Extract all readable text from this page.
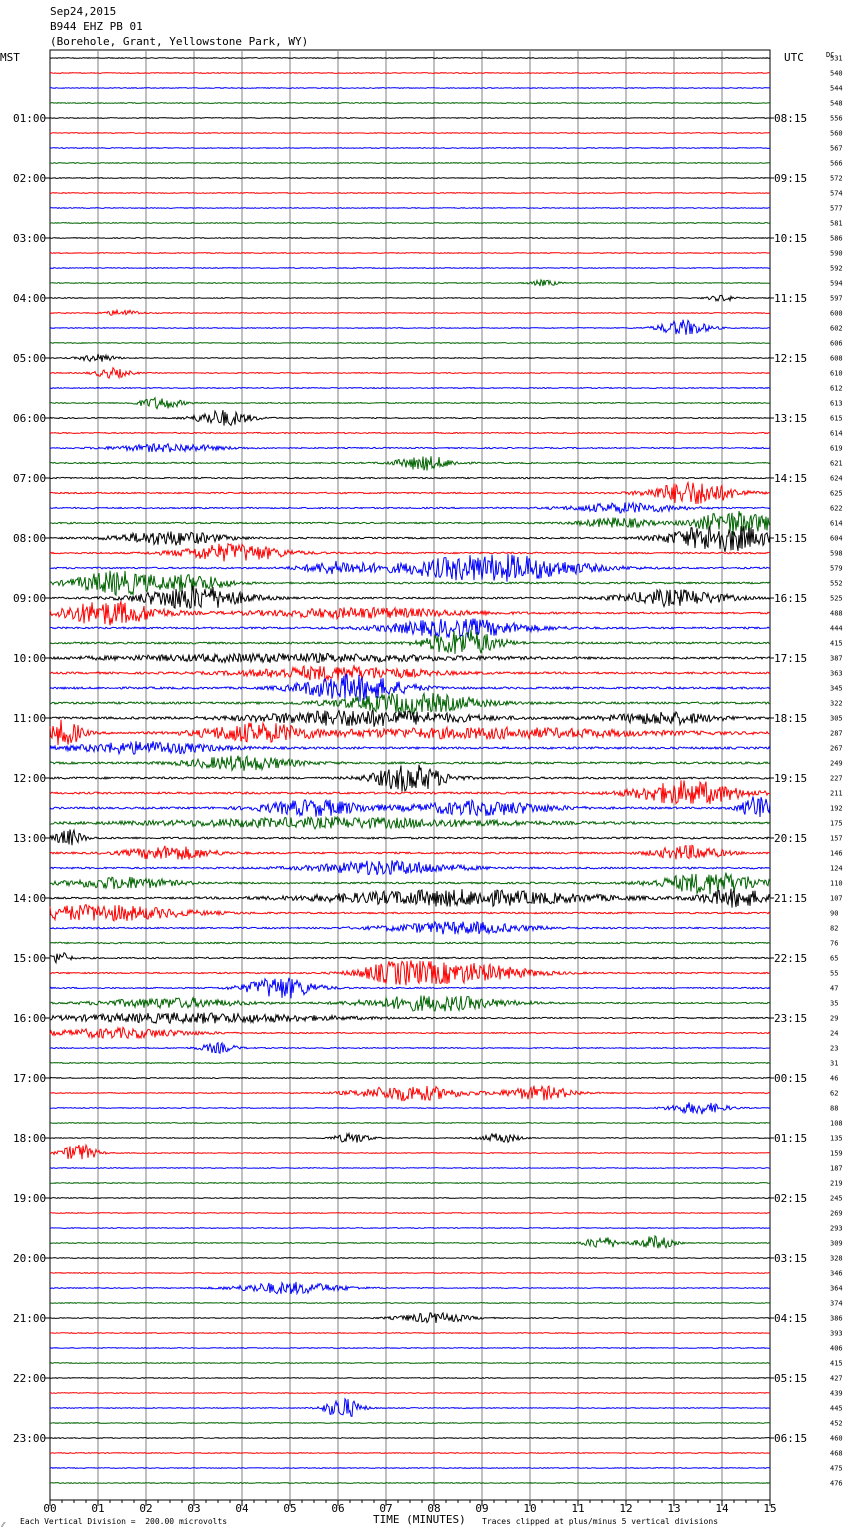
Sep24,2015
B944 EHZ PB 01
(Borehole, Grant, Yellowstone Park, WY)
MST	UTC	DC
TIME (MINUTES)
Each Vertical Division =  200.00 microvolts	Traces clipped at plus/minus 5 vertical divisions
⁄⁄
00	01	02	03	04	05	06	07	08	09	10	11	12	13	14	15
531
540
544
548
556
560
567
566
572
574
577
581
586
590
592
594
597
600
602
606
608
610
612
613
615
614
619
621
624
625
622
614
604
598
579
552
525
488
444
415
387
363
345
322
305
287
267
249
227
211
192
175
157
146
124
110
107
90
82
76
65
55
47
35
29
24
23
31
46
62
88
108
135
159
187
219
245
269
293
309
328
346
364
374
386
393
406
415
427
439
445
452
460
468
475
476
01:00	08:15
02:00	09:15
03:00	10:15
04:00	11:15
05:00	12:15
06:00	13:15
07:00	14:15
08:00	15:15
09:00	16:15
10:00	17:15
11:00	18:15
12:00	19:15
13:00	20:15
14:00	21:15
15:00	22:15
16:00	23:15
17:00	00:15
18:00	01:15
19:00	02:15
20:00	03:15
21:00	04:15
22:00	05:15
23:00	06:15
